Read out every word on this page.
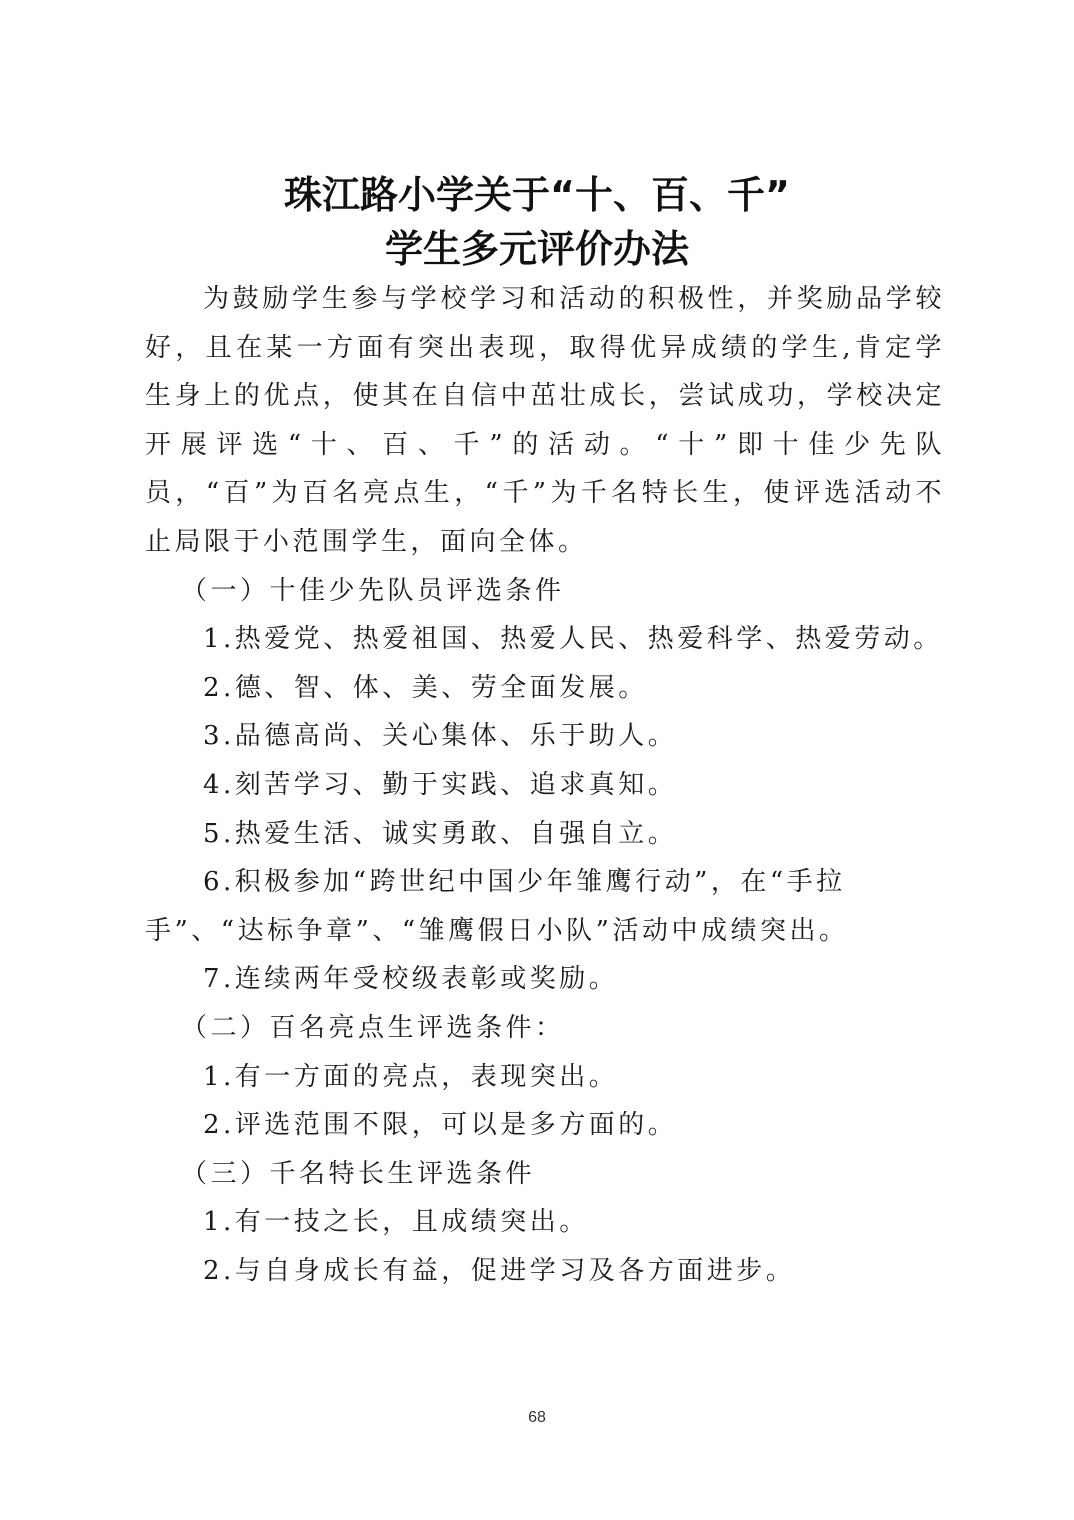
珠江路小学关于“十、百、千”
学生多元评价办法

为鼓励学生参与学校学习和活动的积极性，并奖励品学较好，且在某一方面有突出表现，取得优异成绩的学生,肯定学生身上的优点，使其在自信中茁壮成长，尝试成功，学校决定开展评选“十、百、千”的活动。“十”即十佳少先队员，“百”为百名亮点生，“千”为千名特长生，使评选活动不止局限于小范围学生，面向全体。

（一）十佳少先队员评选条件

1.热爱党、热爱祖国、热爱人民、热爱科学、热爱劳动。

2.德、智、体、美、劳全面发展。

3.品德高尚、关心集体、乐于助人。

4.刻苦学习、勤于实践、追求真知。

5.热爱生活、诚实勇敢、自强自立。

6.积极参加“跨世纪中国少年雏鹰行动”，在“手拉手”、“达标争章”、“雏鹰假日小队”活动中成绩突出。

7.连续两年受校级表彰或奖励。

（二）百名亮点生评选条件：

1.有一方面的亮点，表现突出。

2.评选范围不限，可以是多方面的。

（三）千名特长生评选条件

1.有一技之长，且成绩突出。

2.与自身成长有益，促进学习及各方面进步。

68
